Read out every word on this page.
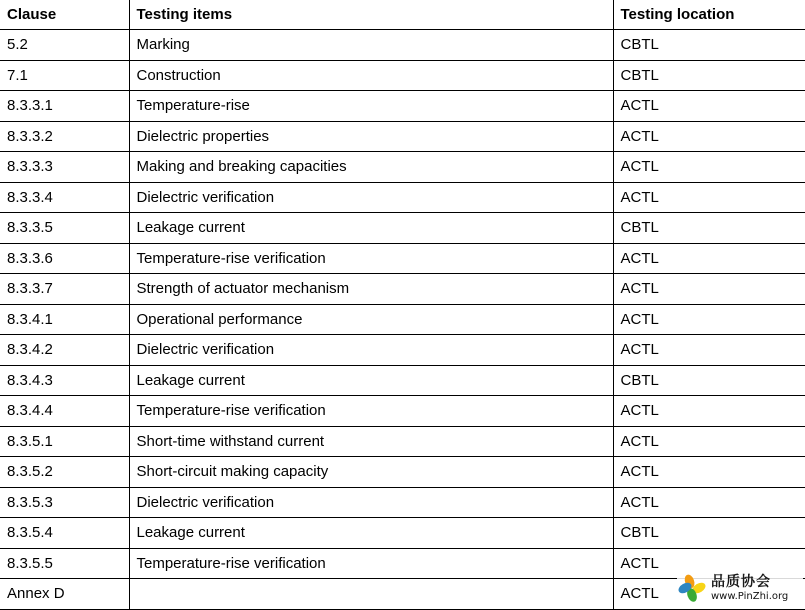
Clause	Testing items	Testing location
5.2	Marking	CBTL
7.1	Construction	CBTL
8.3.3.1	Temperature-rise	ACTL
8.3.3.2	Dielectric properties	ACTL
8.3.3.3	Making and breaking capacities	ACTL
8.3.3.4	Dielectric verification	ACTL
8.3.3.5	Leakage current	CBTL
8.3.3.6	Temperature-rise verification	ACTL
8.3.3.7	Strength of actuator mechanism	ACTL
8.3.4.1	Operational performance	ACTL
8.3.4.2	Dielectric verification	ACTL
8.3.4.3	Leakage current	CBTL
8.3.4.4	Temperature-rise verification	ACTL
8.3.5.1	Short-time withstand current	ACTL
8.3.5.2	Short-circuit making capacity	ACTL
8.3.5.3	Dielectric verification	ACTL
8.3.5.4	Leakage current	CBTL
8.3.5.5	Temperature-rise verification	ACTL
Annex D		ACTL
品质协会
www.PinZhi.org
